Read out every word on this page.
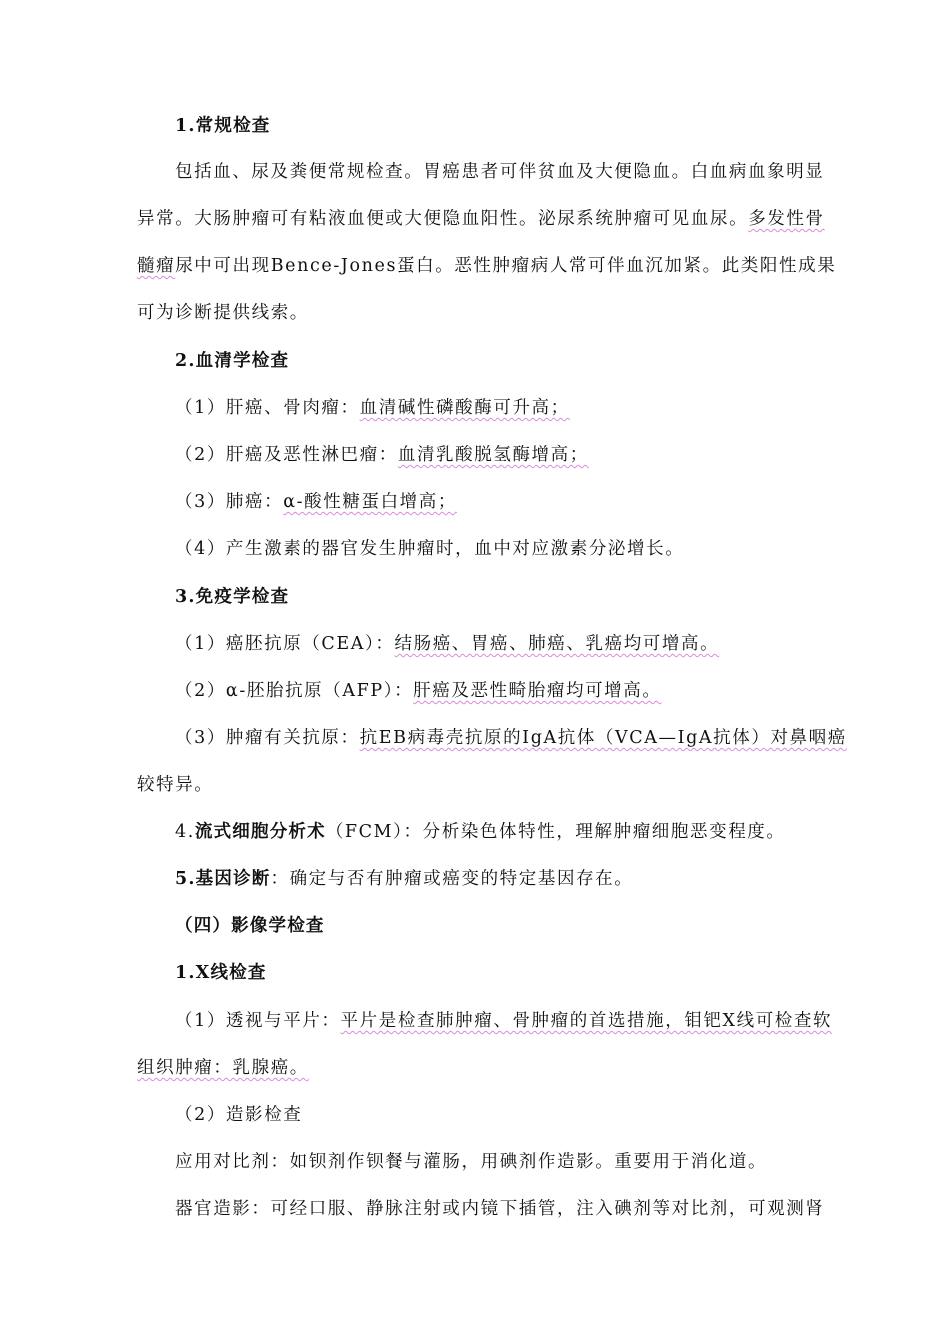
1.常规检查
包括血、尿及粪便常规检查。胃癌患者可伴贫血及大便隐血。白血病血象明显
异常。大肠肿瘤可有粘液血便或大便隐血阳性。泌尿系统肿瘤可见血尿。多发性骨
髓瘤尿中可出现Bence-Jones蛋白。恶性肿瘤病人常可伴血沉加紧。此类阳性成果
可为诊断提供线索。
2.血清学检查
（1）肝癌、骨肉瘤：血清碱性磷酸酶可升高；
（2）肝癌及恶性淋巴瘤：血清乳酸脱氢酶增高；
（3）肺癌：α-酸性糖蛋白增高；
（4）产生激素的器官发生肿瘤时，血中对应激素分泌增长。
3.免疫学检查
（1）癌胚抗原（CEA）：结肠癌、胃癌、肺癌、乳癌均可增高。
（2）α-胚胎抗原（AFP）：肝癌及恶性畸胎瘤均可增高。
（3）肿瘤有关抗原：抗EB病毒壳抗原的IgA抗体（VCA—IgA抗体）对鼻咽癌
较特异。
4.流式细胞分析术（FCM）：分析染色体特性，理解肿瘤细胞恶变程度。
5.基因诊断：确定与否有肿瘤或癌变的特定基因存在。
（四）影像学检查
1.X线检查
（1）透视与平片：平片是检查肺肿瘤、骨肿瘤的首选措施，钼钯X线可检查软
组织肿瘤：乳腺癌。
（2）造影检查
应用对比剂：如钡剂作钡餐与灌肠，用碘剂作造影。重要用于消化道。
器官造影：可经口服、静脉注射或内镜下插管，注入碘剂等对比剂，可观测肾
